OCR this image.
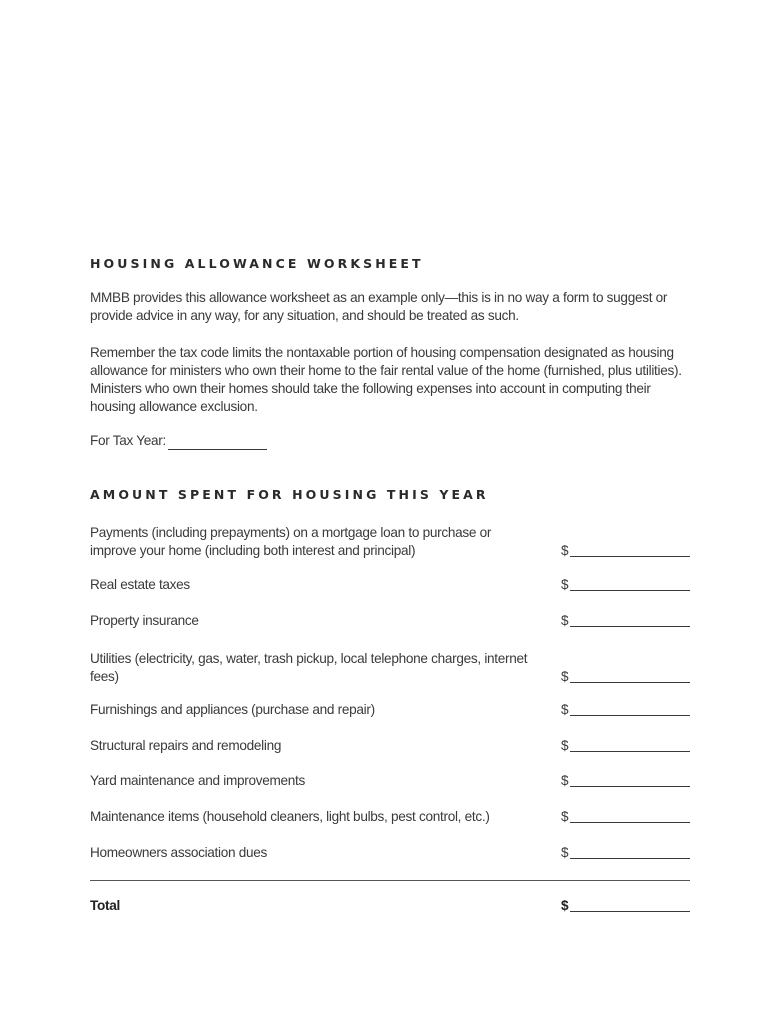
HOUSING ALLOWANCE WORKSHEET
MMBB provides this allowance worksheet as an example only—this is in no way a form to suggest or provide advice in any way, for any situation, and should be treated as such.
Remember the tax code limits the nontaxable portion of housing compensation designated as housing allowance for ministers who own their home to the fair rental value of the home (furnished, plus utilities). Ministers who own their homes should take the following expenses into account in computing their housing allowance exclusion.
For Tax Year:
AMOUNT SPENT FOR HOUSING THIS YEAR
Payments (including prepayments) on a mortgage loan to purchase or improve your home (including both interest and principal)	$
Real estate taxes	$
Property insurance	$
Utilities (electricity, gas, water, trash pickup, local telephone charges, internet fees)	$
Furnishings and appliances (purchase and repair)	$
Structural repairs and remodeling	$
Yard maintenance and improvements	$
Maintenance items (household cleaners, light bulbs, pest control, etc.)	$
Homeowners association dues	$
Total	$
